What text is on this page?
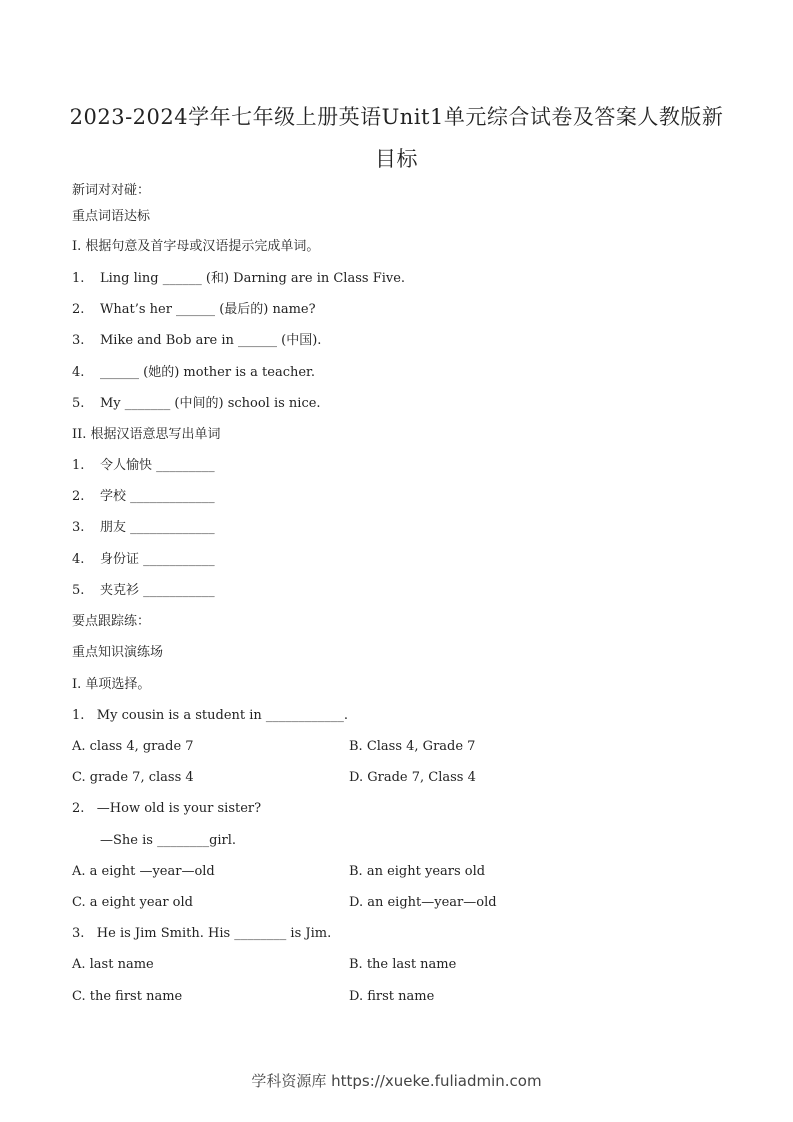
2023-2024学年七年级上册英语Unit1单元综合试卷及答案人教版新目标
新词对对碰：
重点词语达标
I. 根据句意及首字母或汉语提示完成单词。
1. Ling ling ______ (和) Darning are in Class Five.
2. What’s her ______ (最后的) name?
3. Mike and Bob are in ______ (中国).
4. ______ (她的) mother is a teacher.
5. My _______ (中间的) school is nice.
II. 根据汉语意思写出单词
1. 令人愉快 _________
2. 学校 _____________
3. 朋友 _____________
4. 身份证 ___________
5. 夹克衫 ___________
要点跟踪练：
重点知识演练场
I. 单项选择。
1.   My cousin is a student in ____________.
A. class 4, grade 7	B. Class 4, Grade 7
C. grade 7, class 4	D. Grade 7, Class 4
2.   —How old is your sister?
—She is ________girl.
A. a eight —year—old	B. an eight years old
C. a eight year old	D. an eight—year—old
3.   He is Jim Smith. His ________ is Jim.
A. last name	B. the last name
C. the first name	D. first name
学科资源库 https://xueke.fuliadmin.com
